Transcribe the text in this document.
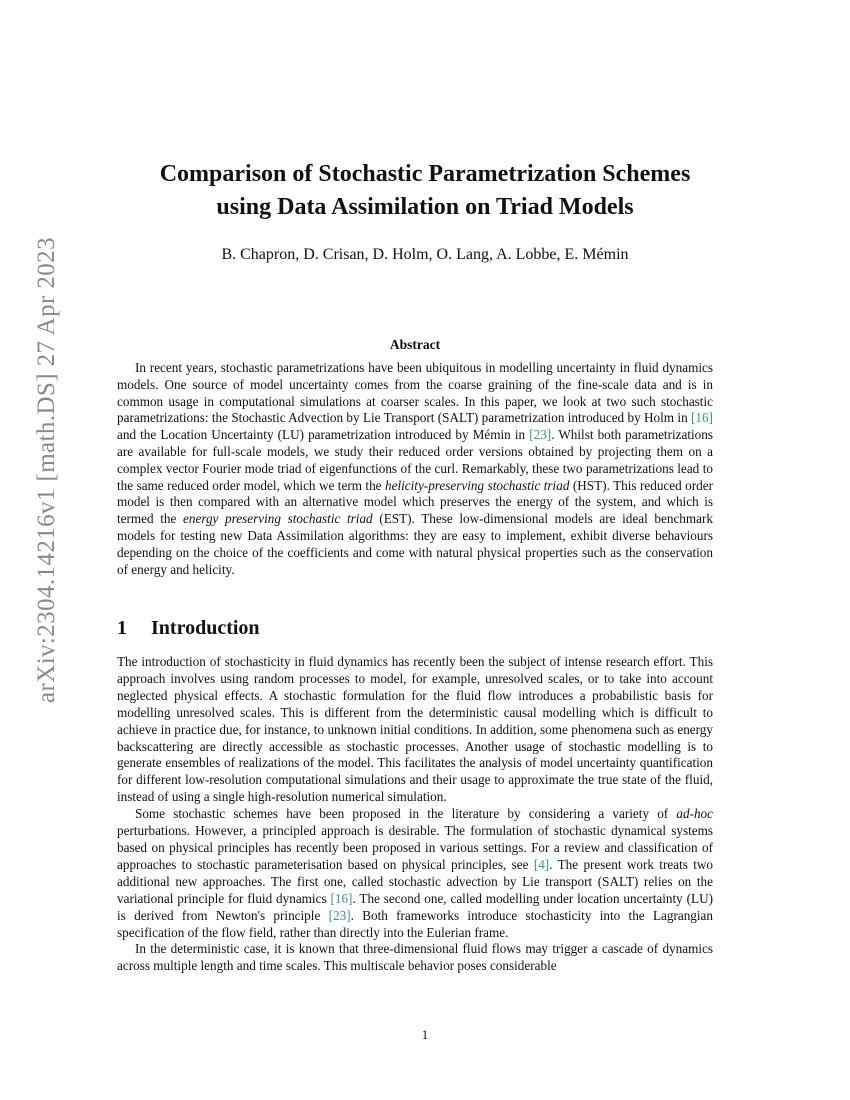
arXiv:2304.14216v1 [math.DS] 27 Apr 2023
Comparison of Stochastic Parametrization Schemes
using Data Assimilation on Triad Models
B. Chapron, D. Crisan, D. Holm, O. Lang, A. Lobbe, E. Mémin
Abstract

In recent years, stochastic parametrizations have been ubiquitous in modelling uncertainty in fluid dynamics models. One source of model uncertainty comes from the coarse graining of the fine-scale data and is in common usage in computational simulations at coarser scales. In this paper, we look at two such stochastic parametrizations: the Stochastic Advection by Lie Transport (SALT) parametrization introduced by Holm in [16] and the Location Uncertainty (LU) parametrization introduced by Mémin in [23]. Whilst both parametrizations are available for full-scale models, we study their reduced order versions obtained by projecting them on a complex vector Fourier mode triad of eigenfunctions of the curl. Remarkably, these two parametrizations lead to the same reduced order model, which we term the helicity-preserving stochastic triad (HST). This reduced order model is then compared with an alternative model which preserves the energy of the system, and which is termed the energy preserving stochastic triad (EST). These low-dimensional models are ideal benchmark models for testing new Data Assimilation algorithms: they are easy to implement, exhibit diverse behaviours depending on the choice of the coefficients and come with natural physical properties such as the conservation of energy and helicity.

1 Introduction

The introduction of stochasticity in fluid dynamics has recently been the subject of intense research effort. This approach involves using random processes to model, for example, unresolved scales, or to take into account neglected physical effects. A stochastic formulation for the fluid flow introduces a probabilistic basis for modelling unresolved scales. This is different from the deterministic causal modelling which is difficult to achieve in practice due, for instance, to unknown initial conditions. In addition, some phenomena such as energy backscattering are directly accessible as stochastic processes. Another usage of stochastic modelling is to generate ensembles of realizations of the model. This facilitates the analysis of model uncertainty quantification for different low-resolution computational simulations and their usage to approximate the true state of the fluid, instead of using a single high-resolution numerical simulation.

Some stochastic schemes have been proposed in the literature by considering a variety of ad-hoc perturbations. However, a principled approach is desirable. The formulation of stochastic dynamical systems based on physical principles has recently been proposed in various settings. For a review and classification of approaches to stochastic parameterisation based on physical principles, see [4]. The present work treats two additional new approaches. The first one, called stochastic advection by Lie transport (SALT) relies on the variational principle for fluid dynamics [16]. The second one, called modelling under location uncertainty (LU) is derived from Newton's principle [23]. Both frameworks introduce stochasticity into the Lagrangian specification of the flow field, rather than directly into the Eulerian frame.

In the deterministic case, it is known that three-dimensional fluid flows may trigger a cascade of dynamics across multiple length and time scales. This multiscale behavior poses considerable

1
